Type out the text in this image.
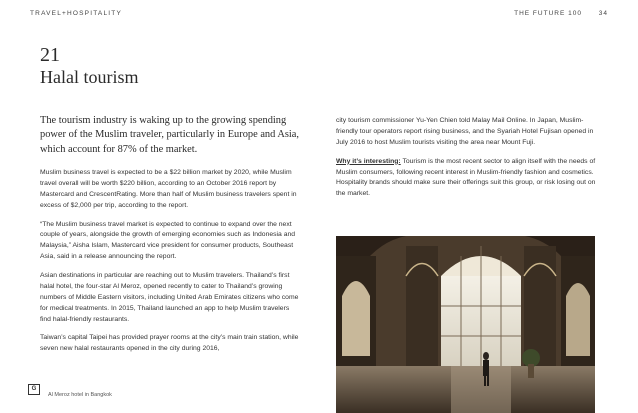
TRAVEL+HOSPITALITY	THE FUTURE 100	34
21
Halal tourism
The tourism industry is waking up to the growing spending power of the Muslim traveler, particularly in Europe and Asia, which account for 87% of the market.

Muslim business travel is expected to be a $22 billion market by 2020, while Muslim travel overall will be worth $220 billion, according to an October 2016 report by Mastercard and CrescentRating. More than half of Muslim business travelers spent in excess of $2,000 per trip, according to the report.

“The Muslim business travel market is expected to continue to expand over the next couple of years, alongside the growth of emerging economies such as Indonesia and Malaysia,” Aisha Islam, Mastercard vice president for consumer products, Southeast Asia, said in a release announcing the report.

Asian destinations in particular are reaching out to Muslim travelers. Thailand’s first halal hotel, the four-star Al Meroz, opened recently to cater to Thailand’s growing numbers of Middle Eastern visitors, including United Arab Emirates citizens who come for medical treatments. In 2015, Thailand launched an app to help Muslim travelers find halal-friendly restaurants.

Taiwan’s capital Taipei has provided prayer rooms at the city’s main train station, while seven new halal restaurants opened in the city during 2016,

city tourism commissioner Yu-Yen Chien told Malay Mail Online. In Japan, Muslim-friendly tour operators report rising business, and the Syariah Hotel Fujisan opened in July 2016 to host Muslim tourists visiting the area near Mount Fuji.

Why it’s interesting: Tourism is the most recent sector to align itself with the needs of Muslim consumers, following recent interest in Muslim-friendly fashion and cosmetics. Hospitality brands should make sure their offerings suit this group, or risk losing out on the market.

G
Al Meroz hotel in Bangkok
